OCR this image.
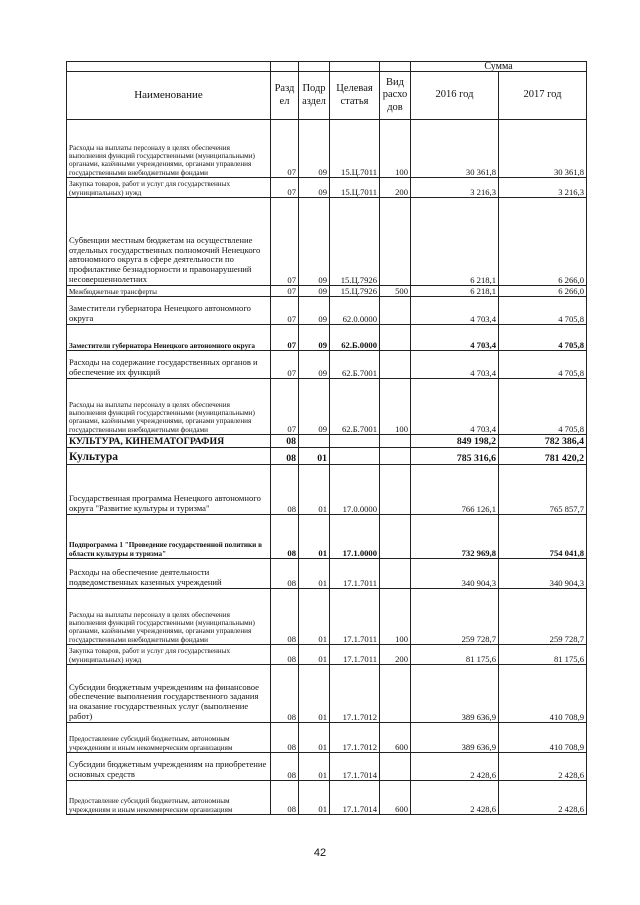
					Сумма	
Наименование	Разд ел	Подр аздел	Целевая статья	Вид расхо дов	2016 год	2017 год
Расходы на выплаты персоналу в целях обеспечения выполнения функций государственными (муниципальными) органами, казёнными учреждениями, органами управления государственными внебюджетными фондами	07	09	15.Ц.7011	100	30 361,8	30 361,8
Закупка товаров, работ и услуг для государственных (муниципальных) нужд	07	09	15.Ц.7011	200	3 216,3	3 216,3
Субвенции местным бюджетам на осуществление отдельных государственных полномочий Ненецкого автономного округа в сфере деятельности по профилактике безнадзорности и правонарушений несовершеннолетних	07	09	15.Ц.7926		6 218,1	6 266,0
Межбюджетные трансферты	07	09	15.Ц.7926	500	6 218,1	6 266,0
Заместители губернатора Ненецкого автономного округа	07	09	62.0.0000		4 703,4	4 705,8
Заместители губернатора Ненецкого автономного округа	07	09	62.Б.0000		4 703,4	4 705,8
Расходы на содержание государственных органов и обеспечение их функций	07	09	62.Б.7001		4 703,4	4 705,8
Расходы на выплаты персоналу в целях обеспечения выполнения функций государственными (муниципальными) органами, казёнными учреждениями, органами управления государственными внебюджетными фондами	07	09	62.Б.7001	100	4 703,4	4 705,8
КУЛЬТУРА, КИНЕМАТОГРАФИЯ	08				849 198,2	782 386,4
Культура	08	01			785 316,6	781 420,2
Государственная программа Ненецкого автономного округа "Развитие культуры и туризма"	08	01	17.0.0000		766 126,1	765 857,7
Подпрограмма 1 "Проведение государственной политики в области культуры и туризма"	08	01	17.1.0000		732 969,8	754 041,8
Расходы на обеспечение деятельности подведомственных казенных учреждений	08	01	17.1.7011		340 904,3	340 904,3
Расходы на выплаты персоналу в целях обеспечения выполнения функций государственными (муниципальными) органами, казёнными учреждениями, органами управления государственными внебюджетными фондами	08	01	17.1.7011	100	259 728,7	259 728,7
Закупка товаров, работ и услуг для государственных (муниципальных) нужд	08	01	17.1.7011	200	81 175,6	81 175,6
Субсидии бюджетным учреждениям на финансовое обеспечение выполнения государственного задания на оказание государственных услуг (выполнение работ)	08	01	17.1.7012		389 636,9	410 708,9
Предоставление субсидий бюджетным, автономным учреждениям и иным некоммерческим организациям	08	01	17.1.7012	600	389 636,9	410 708,9
Субсидии бюджетным учреждениям на приобретение основных средств	08	01	17.1.7014		2 428,6	2 428,6
Предоставление субсидий бюджетным, автономным учреждениям и иным некоммерческим организациям	08	01	17.1.7014	600	2 428,6	2 428,6
42
